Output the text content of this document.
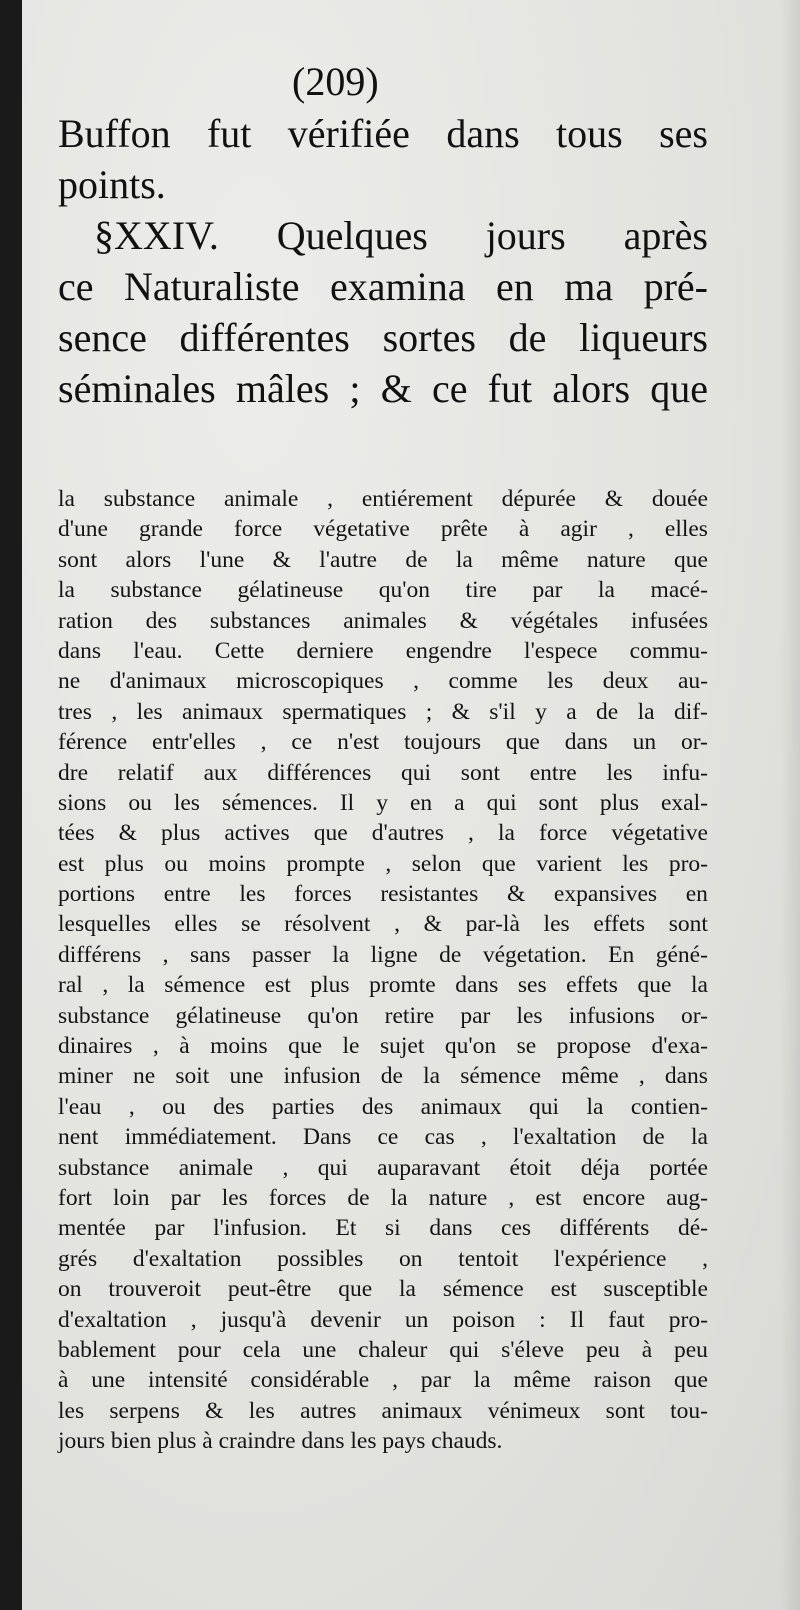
(209)
Buffon fut vérifiée dans tous ses
points.
§XXIV. Quelques jours après
ce Naturaliste examina en ma pré-
sence différentes sortes de liqueurs
séminales mâles ; & ce fut alors que
la substance animale , entiérement dépurée & douée
d'une grande force végetative prête à agir , elles
sont alors l'une & l'autre de la même nature que
la substance gélatineuse qu'on tire par la macé-
ration des substances animales & végétales infusées
dans l'eau. Cette derniere engendre l'espece commu-
ne d'animaux microscopiques , comme les deux au-
tres , les animaux spermatiques ; & s'il y a de la dif-
férence entr'elles , ce n'est toujours que dans un or-
dre relatif aux différences qui sont entre les infu-
sions ou les sémences. Il y en a qui sont plus exal-
tées & plus actives que d'autres , la force végetative
est plus ou moins prompte , selon que varient les pro-
portions entre les forces resistantes & expansives en
lesquelles elles se résolvent , & par-là les effets sont
différens , sans passer la ligne de végetation. En géné-
ral , la sémence est plus promte dans ses effets que la
substance gélatineuse qu'on retire par les infusions or-
dinaires , à moins que le sujet qu'on se propose d'exa-
miner ne soit une infusion de la sémence même , dans
l'eau , ou des parties des animaux qui la contien-
nent immédiatement. Dans ce cas , l'exaltation de la
substance animale , qui auparavant étoit déja portée
fort loin par les forces de la nature , est encore aug-
mentée par l'infusion. Et si dans ces différents dé-
grés d'exaltation possibles on tentoit l'expérience ,
on trouveroit peut-être que la sémence est susceptible
d'exaltation , jusqu'à devenir un poison : Il faut pro-
bablement pour cela une chaleur qui s'éleve peu à peu
à une intensité considérable , par la même raison que
les serpens & les autres animaux vénimeux sont tou-
jours bien plus à craindre dans les pays chauds.
